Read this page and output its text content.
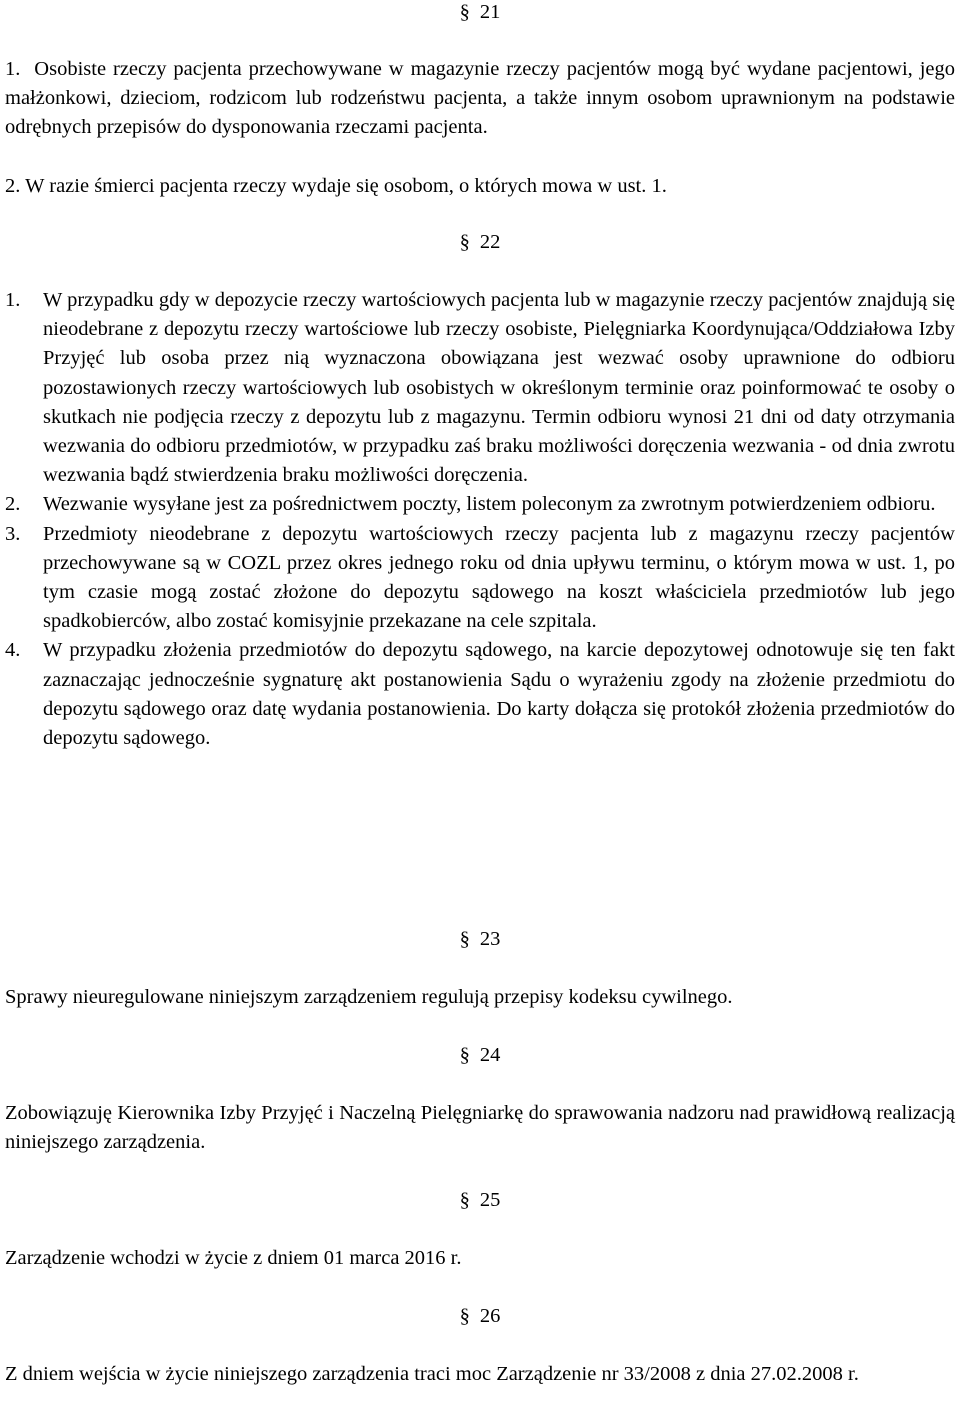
§ 21
1. Osobiste rzeczy pacjenta przechowywane w magazynie rzeczy pacjentów mogą być wydane pacjentowi, jego małżonkowi, dzieciom, rodzicom lub rodzeństwu pacjenta, a także innym osobom uprawnionym na podstawie odrębnych przepisów do dysponowania rzeczami pacjenta.
2. W razie śmierci pacjenta rzeczy wydaje się osobom, o których mowa w ust. 1.
§ 22
1. W przypadku gdy w depozycie rzeczy wartościowych pacjenta lub w magazynie rzeczy pacjentów znajdują się nieodebrane z depozytu rzeczy wartościowe lub rzeczy osobiste, Pielęgniarka Koordynująca/Oddziałowa Izby Przyjęć lub osoba przez nią wyznaczona obowiązana jest wezwać osoby uprawnione do odbioru pozostawionych rzeczy wartościowych lub osobistych w określonym terminie oraz poinformować te osoby o skutkach nie podjęcia rzeczy z depozytu lub z magazynu. Termin odbioru wynosi 21 dni od daty otrzymania wezwania do odbioru przedmiotów, w przypadku zaś braku możliwości doręczenia wezwania - od dnia zwrotu wezwania bądź stwierdzenia braku możliwości doręczenia.
2. Wezwanie wysyłane jest za pośrednictwem poczty, listem poleconym za zwrotnym potwierdzeniem odbioru.
3. Przedmioty nieodebrane z depozytu wartościowych rzeczy pacjenta lub z magazynu rzeczy pacjentów przechowywane są w COZL przez okres jednego roku od dnia upływu terminu, o którym mowa w ust. 1, po tym czasie mogą zostać złożone do depozytu sądowego na koszt właściciela przedmiotów lub jego spadkobierców, albo zostać komisyjnie przekazane na cele szpitala.
4. W przypadku złożenia przedmiotów do depozytu sądowego, na karcie depozytowej odnotowuje się ten fakt zaznaczając jednocześnie sygnaturę akt postanowienia Sądu o wyrażeniu zgody na złożenie przedmiotu do depozytu sądowego oraz datę wydania postanowienia. Do karty dołącza się protokół złożenia przedmiotów do depozytu sądowego.
§ 23
Sprawy nieuregulowane niniejszym zarządzeniem regulują przepisy kodeksu cywilnego.
§ 24
Zobowiązuję Kierownika Izby Przyjęć i Naczelną Pielęgniarkę do sprawowania nadzoru nad prawidłową realizacją niniejszego zarządzenia.
§ 25
Zarządzenie wchodzi w życie z dniem 01 marca 2016 r.
§ 26
Z dniem wejścia w życie niniejszego zarządzenia traci moc Zarządzenie nr 33/2008 z dnia 27.02.2008 r.
